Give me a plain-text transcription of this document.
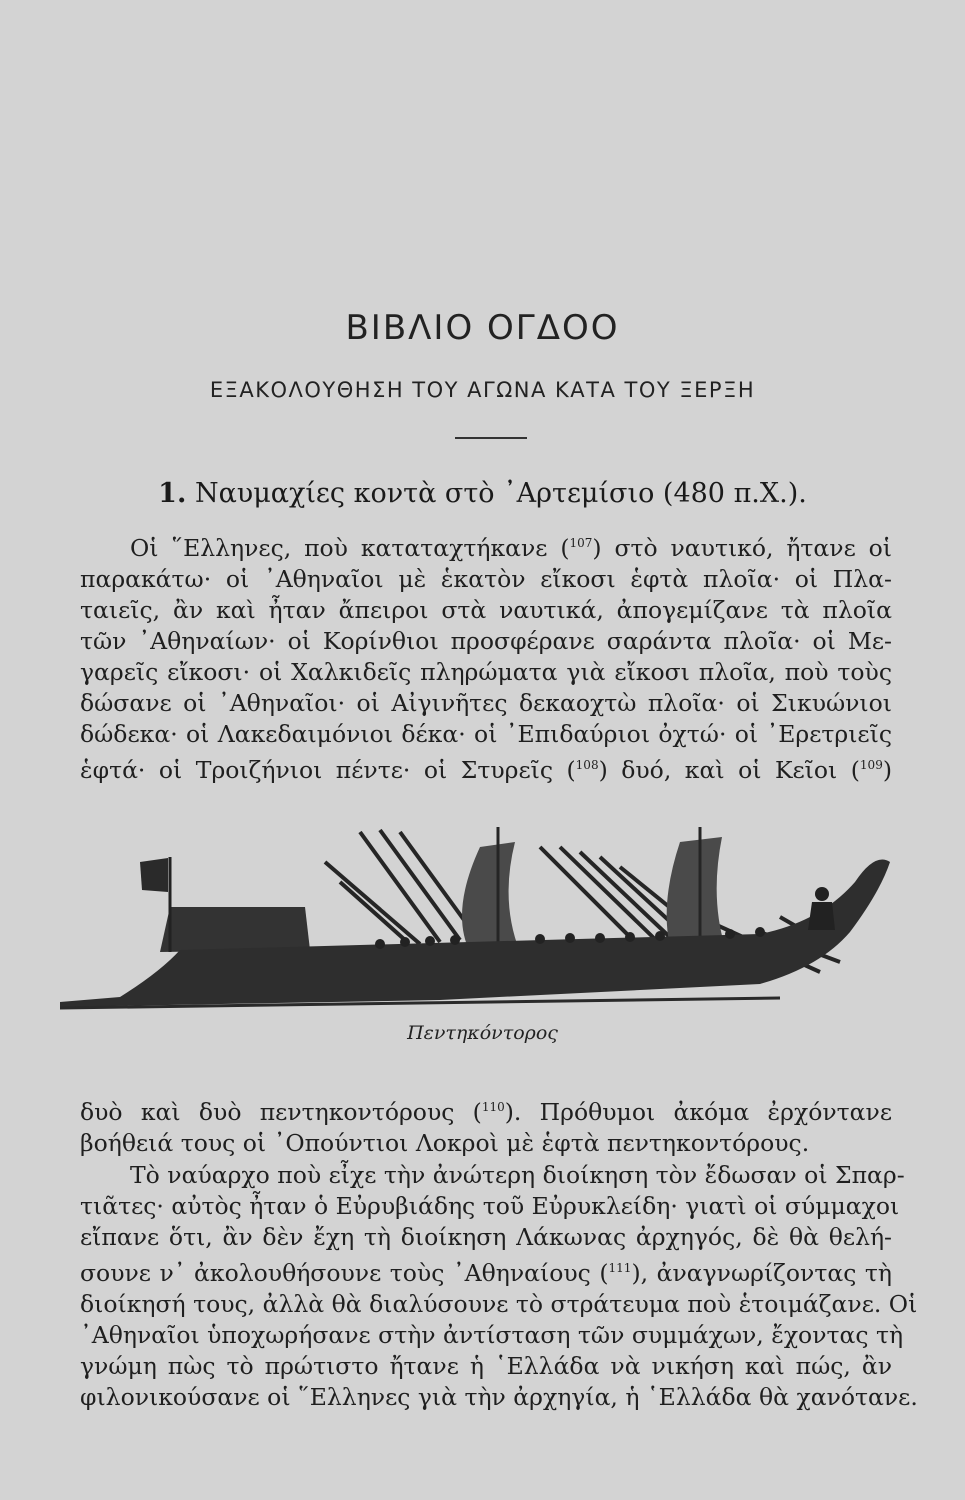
ΒΙΒΛΙΟ ΟΓΔΟΟ
ΕΞΑΚΟΛΟΥΘΗΣΗ ΤΟΥ ΑΓΩΝΑ ΚΑΤΑ ΤΟΥ ΞΕΡΞΗ
1. Ναυμαχίες κοντὰ στὸ ᾿Αρτεμίσιο (480 π.Χ.).
Οἱ ῞Ελληνες, ποὺ καταταχτήκανε ($^{107}$) στὸ ναυτικό, ἤτανε οἱ
παρακάτω· οἱ ᾿Αθηναῖοι μὲ ἑκατὸν εἴκοσι ἑφτὰ πλοῖα· οἱ Πλα-
ταιεῖς, ἂν καὶ ἦταν ἄπειροι στὰ ναυτικά, ἀπογεμίζανε τὰ πλοῖα
τῶν ᾿Αθηναίων· οἱ Κορίνθιοι προσφέρανε σαράντα πλοῖα· οἱ Με-
γαρεῖς εἴκοσι· οἱ Χαλκιδεῖς πληρώματα γιὰ εἴκοσι πλοῖα, ποὺ τοὺς
δώσανε οἱ ᾿Αθηναῖοι· οἱ Αἰγινῆτες δεκαοχτὼ πλοῖα· οἱ Σικυώνιοι
δώδεκα· οἱ Λακεδαιμόνιοι δέκα· οἱ ᾿Επιδαύριοι ὀχτώ· οἱ ᾿Ερετριεῖς
ἑφτά· οἱ Τροιζήνιοι πέντε· οἱ Στυρεῖς ($^{108}$) δυό, καὶ οἱ Κεῖοι ($^{109}$)
Πεντηκόντορος
δυὸ καὶ δυὸ πεντηκοντόρους ($^{110}$). Πρόθυμοι ἀκόμα ἐρχόντανε
βοήθειά τους οἱ ᾿Οπούντιοι Λοκροὶ μὲ ἑφτὰ πεντηκοντόρους.
Τὸ ναύαρχο ποὺ εἶχε τὴν ἀνώτερη διοίκηση τὸν ἔδωσαν οἱ Σπαρ-
τιᾶτες· αὐτὸς ἦταν ὁ Εὐρυβιάδης τοῦ Εὐρυκλείδη· γιατὶ οἱ σύμμαχοι
εἴπανε ὅτι, ἂν δὲν ἔχη τὴ διοίκηση Λάκωνας ἀρχηγός, δὲ θὰ θελή-
σουνε ν᾿ ἀκολουθήσουνε τοὺς ᾿Αθηναίους ($^{111}$), ἀναγνωρίζοντας τὴ
διοίκησή τους, ἀλλὰ θὰ διαλύσουνε τὸ στράτευμα ποὺ ἑτοιμάζανε. Οἱ
᾿Αθηναῖοι ὑποχωρήσανε στὴν ἀντίσταση τῶν συμμάχων, ἔχοντας τὴ
γνώμη πὼς τὸ πρώτιστο ἤτανε ἡ ῾Ελλάδα νὰ νικήση καὶ πώς, ἂν
φιλονικούσανε οἱ ῞Ελληνες γιὰ τὴν ἀρχηγία, ἡ ῾Ελλάδα θὰ χανότανε.
